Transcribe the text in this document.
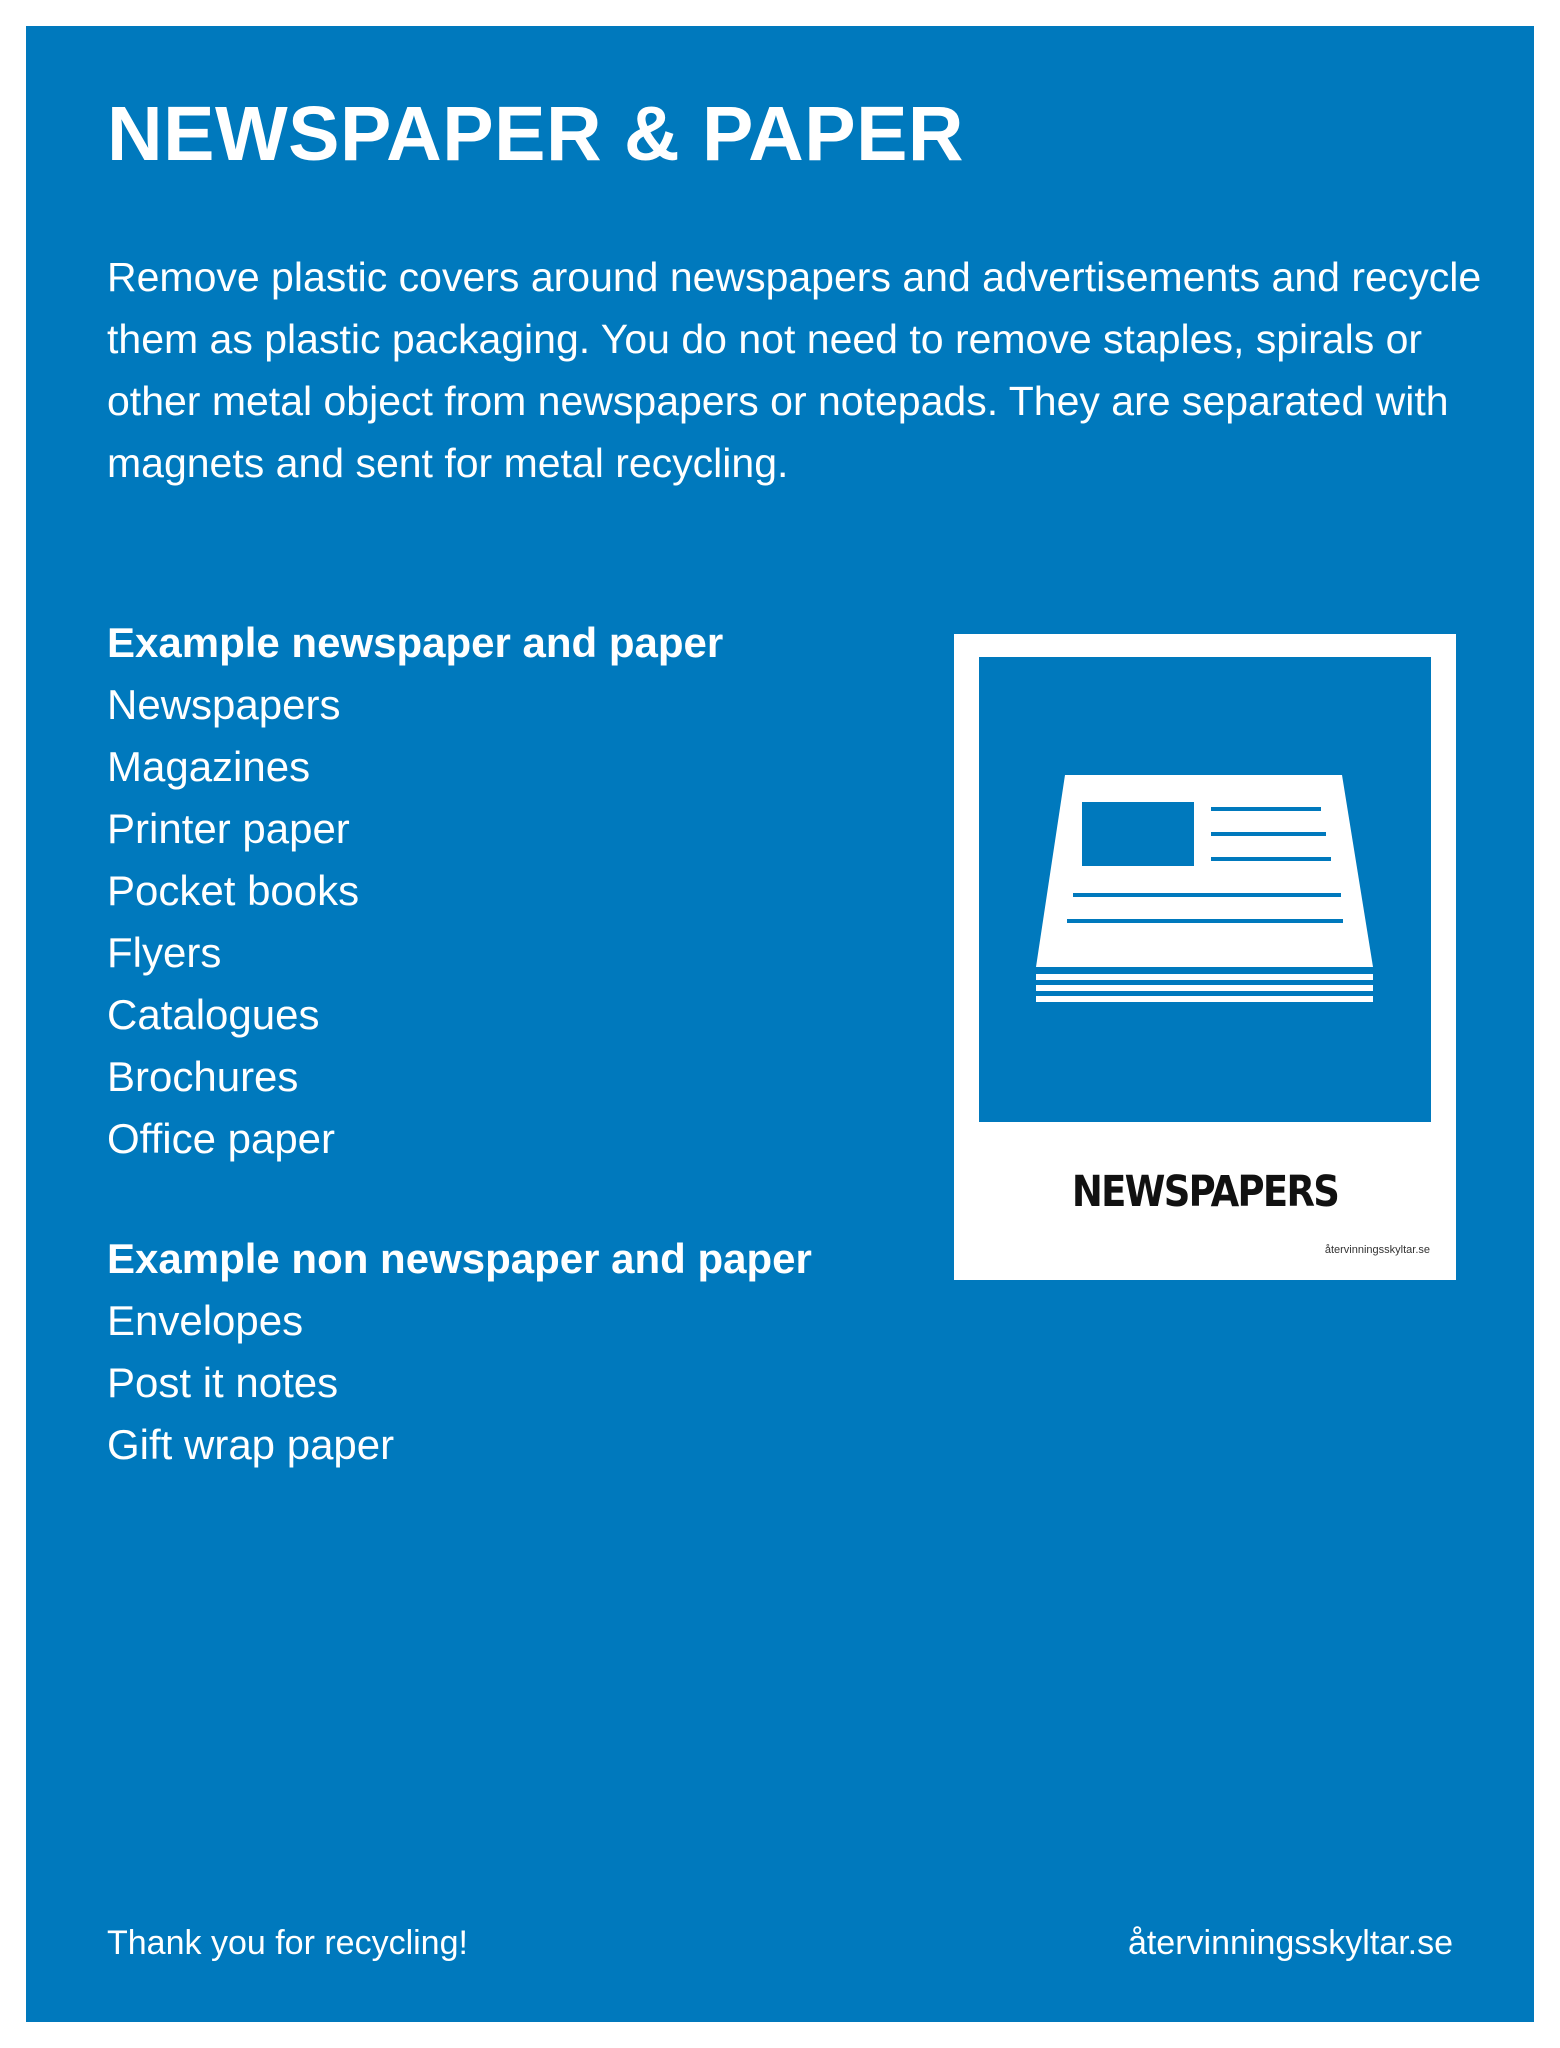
NEWSPAPER & PAPER

Remove plastic covers around newspapers and advertisements and recycle them as plastic packaging. You do not need to remove staples, spirals or other metal object from newspapers or notepads. They are separated with magnets and sent for metal recycling.

Example newspaper and paper

Newspapers
Magazines
Printer paper
Pocket books
Flyers
Catalogues
Brochures
Office paper

Example non newspaper and paper

Envelopes
Post it notes
Gift wrap paper
NEWSPAPERS
återvinningsskyltar.se
Thank you for recycling!	återvinningsskyltar.se
